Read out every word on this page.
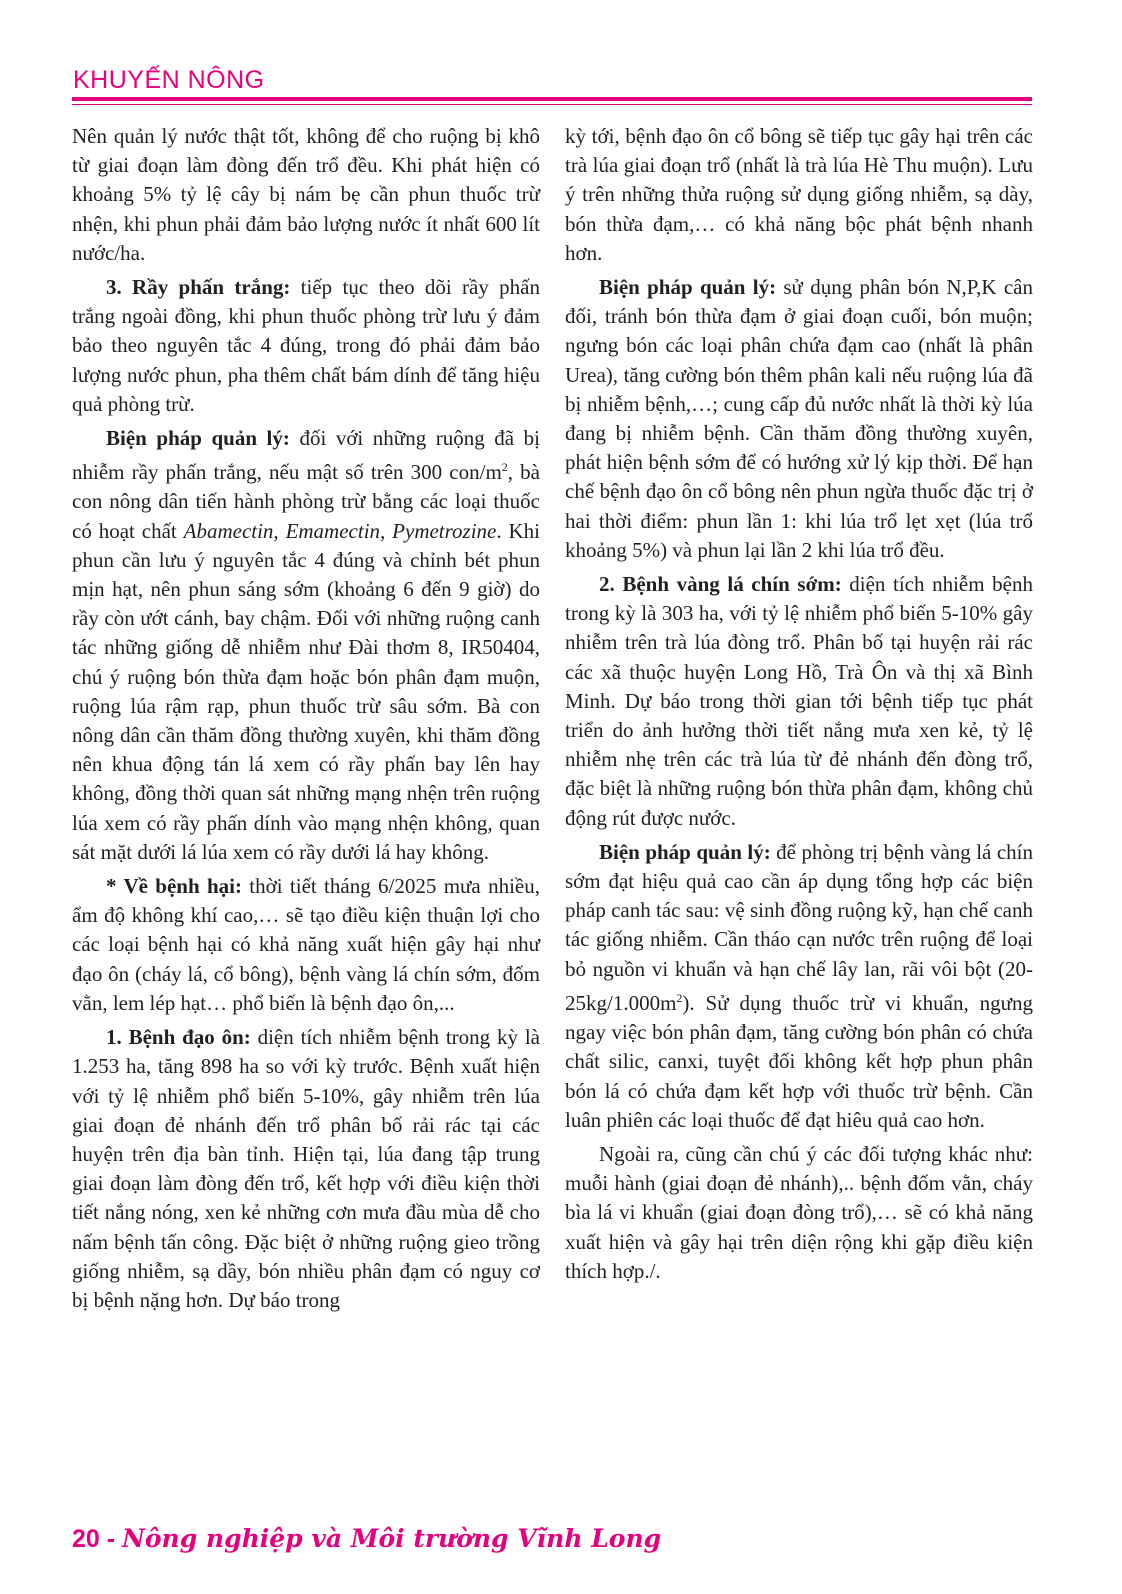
KHUYẾN NÔNG

Nên quản lý nước thật tốt, không để cho ruộng bị khô từ giai đoạn làm đòng đến trổ đều. Khi phát hiện có khoảng 5% tỷ lệ cây bị nám bẹ cần phun thuốc trừ nhện, khi phun phải đảm bảo lượng nước ít nhất 600 lít nước/ha.

3. Rầy phấn trắng: tiếp tục theo dõi rầy phấn trắng ngoài đồng, khi phun thuốc phòng trừ lưu ý đảm bảo theo nguyên tắc 4 đúng, trong đó phải đảm bảo lượng nước phun, pha thêm chất bám dính để tăng hiệu quả phòng trừ.

Biện pháp quản lý: đối với những ruộng đã bị nhiễm rầy phấn trắng, nếu mật số trên 300 con/$m^2$, bà con nông dân tiến hành phòng trừ bằng các loại thuốc có hoạt chất Abamectin, Emamectin, Pymetrozine. Khi phun cần lưu ý nguyên tắc 4 đúng và chỉnh bét phun mịn hạt, nên phun sáng sớm (khoảng 6 đến 9 giờ) do rầy còn ướt cánh, bay chậm. Đối với những ruộng canh tác những giống dễ nhiễm như Đài thơm 8, IR50404, chú ý ruộng bón thừa đạm hoặc bón phân đạm muộn, ruộng lúa rậm rạp, phun thuốc trừ sâu sớm. Bà con nông dân cần thăm đồng thường xuyên, khi thăm đồng nên khua động tán lá xem có rầy phấn bay lên hay không, đồng thời quan sát những mạng nhện trên ruộng lúa xem có rầy phấn dính vào mạng nhện không, quan sát mặt dưới lá lúa xem có rầy dưới lá hay không.

* Về bệnh hại: thời tiết tháng 6/2025 mưa nhiều, ẩm độ không khí cao,… sẽ tạo điều kiện thuận lợi cho các loại bệnh hại có khả năng xuất hiện gây hại như đạo ôn (cháy lá, cổ bông), bệnh vàng lá chín sớm, đốm vằn, lem lép hạt… phổ biến là bệnh đạo ôn,...

1. Bệnh đạo ôn: diện tích nhiễm bệnh trong kỳ là 1.253 ha, tăng 898 ha so với kỳ trước. Bệnh xuất hiện với tỷ lệ nhiễm phổ biến 5-10%, gây nhiễm trên lúa giai đoạn đẻ nhánh đến trổ phân bố rải rác tại các huyện trên địa bàn tỉnh. Hiện tại, lúa đang tập trung giai đoạn làm đòng đến trổ, kết hợp với điều kiện thời tiết nắng nóng, xen kẻ những cơn mưa đầu mùa dễ cho nấm bệnh tấn công. Đặc biệt ở những ruộng gieo trồng giống nhiễm, sạ dầy, bón nhiều phân đạm có nguy cơ bị bệnh nặng hơn. Dự báo trong

kỳ tới, bệnh đạo ôn cổ bông sẽ tiếp tục gây hại trên các trà lúa giai đoạn trổ (nhất là trà lúa Hè Thu muộn). Lưu ý trên những thửa ruộng sử dụng giống nhiễm, sạ dày, bón thừa đạm,… có khả năng bộc phát bệnh nhanh hơn.

Biện pháp quản lý: sử dụng phân bón N,P,K cân đối, tránh bón thừa đạm ở giai đoạn cuối, bón muộn; ngưng bón các loại phân chứa đạm cao (nhất là phân Urea), tăng cường bón thêm phân kali nếu ruộng lúa đã bị nhiễm bệnh,…; cung cấp đủ nước nhất là thời kỳ lúa đang bị nhiễm bệnh. Cần thăm đồng thường xuyên, phát hiện bệnh sớm để có hướng xử lý kịp thời. Để hạn chế bệnh đạo ôn cổ bông nên phun ngừa thuốc đặc trị ở hai thời điểm: phun lần 1: khi lúa trổ lẹt xẹt (lúa trổ khoảng 5%) và phun lại lần 2 khi lúa trổ đều.

2. Bệnh vàng lá chín sớm: diện tích nhiễm bệnh trong kỳ là 303 ha, với tỷ lệ nhiễm phổ biến 5-10% gây nhiễm trên trà lúa đòng trổ. Phân bố tại huyện rải rác các xã thuộc huyện Long Hồ, Trà Ôn và thị xã Bình Minh. Dự báo trong thời gian tới bệnh tiếp tục phát triển do ảnh hưởng thời tiết nắng mưa xen kẻ, tỷ lệ nhiễm nhẹ trên các trà lúa từ đẻ nhánh đến đòng trổ, đặc biệt là những ruộng bón thừa phân đạm, không chủ động rút được nước.

Biện pháp quản lý: để phòng trị bệnh vàng lá chín sớm đạt hiệu quả cao cần áp dụng tổng hợp các biện pháp canh tác sau: vệ sinh đồng ruộng kỹ, hạn chế canh tác giống nhiễm. Cần tháo cạn nước trên ruộng để loại bỏ nguồn vi khuẩn và hạn chế lây lan, rãi vôi bột $(20-25kg/1.000m^2)$. Sử dụng thuốc trừ vi khuẩn, ngưng ngay việc bón phân đạm, tăng cường bón phân có chứa chất silic, canxi, tuyệt đối không kết hợp phun phân bón lá có chứa đạm kết hợp với thuốc trừ bệnh. Cần luân phiên các loại thuốc để đạt hiêu quả cao hơn.

Ngoài ra, cũng cần chú ý các đối tượng khác như: muỗi hành (giai đoạn đẻ nhánh),.. bệnh đốm vằn, cháy bìa lá vi khuẩn (giai đoạn đòng trổ),… sẽ có khả năng xuất hiện và gây hại trên diện rộng khi gặp điều kiện thích hợp./.

20 - Nông nghiệp và Môi trường Vĩnh Long
